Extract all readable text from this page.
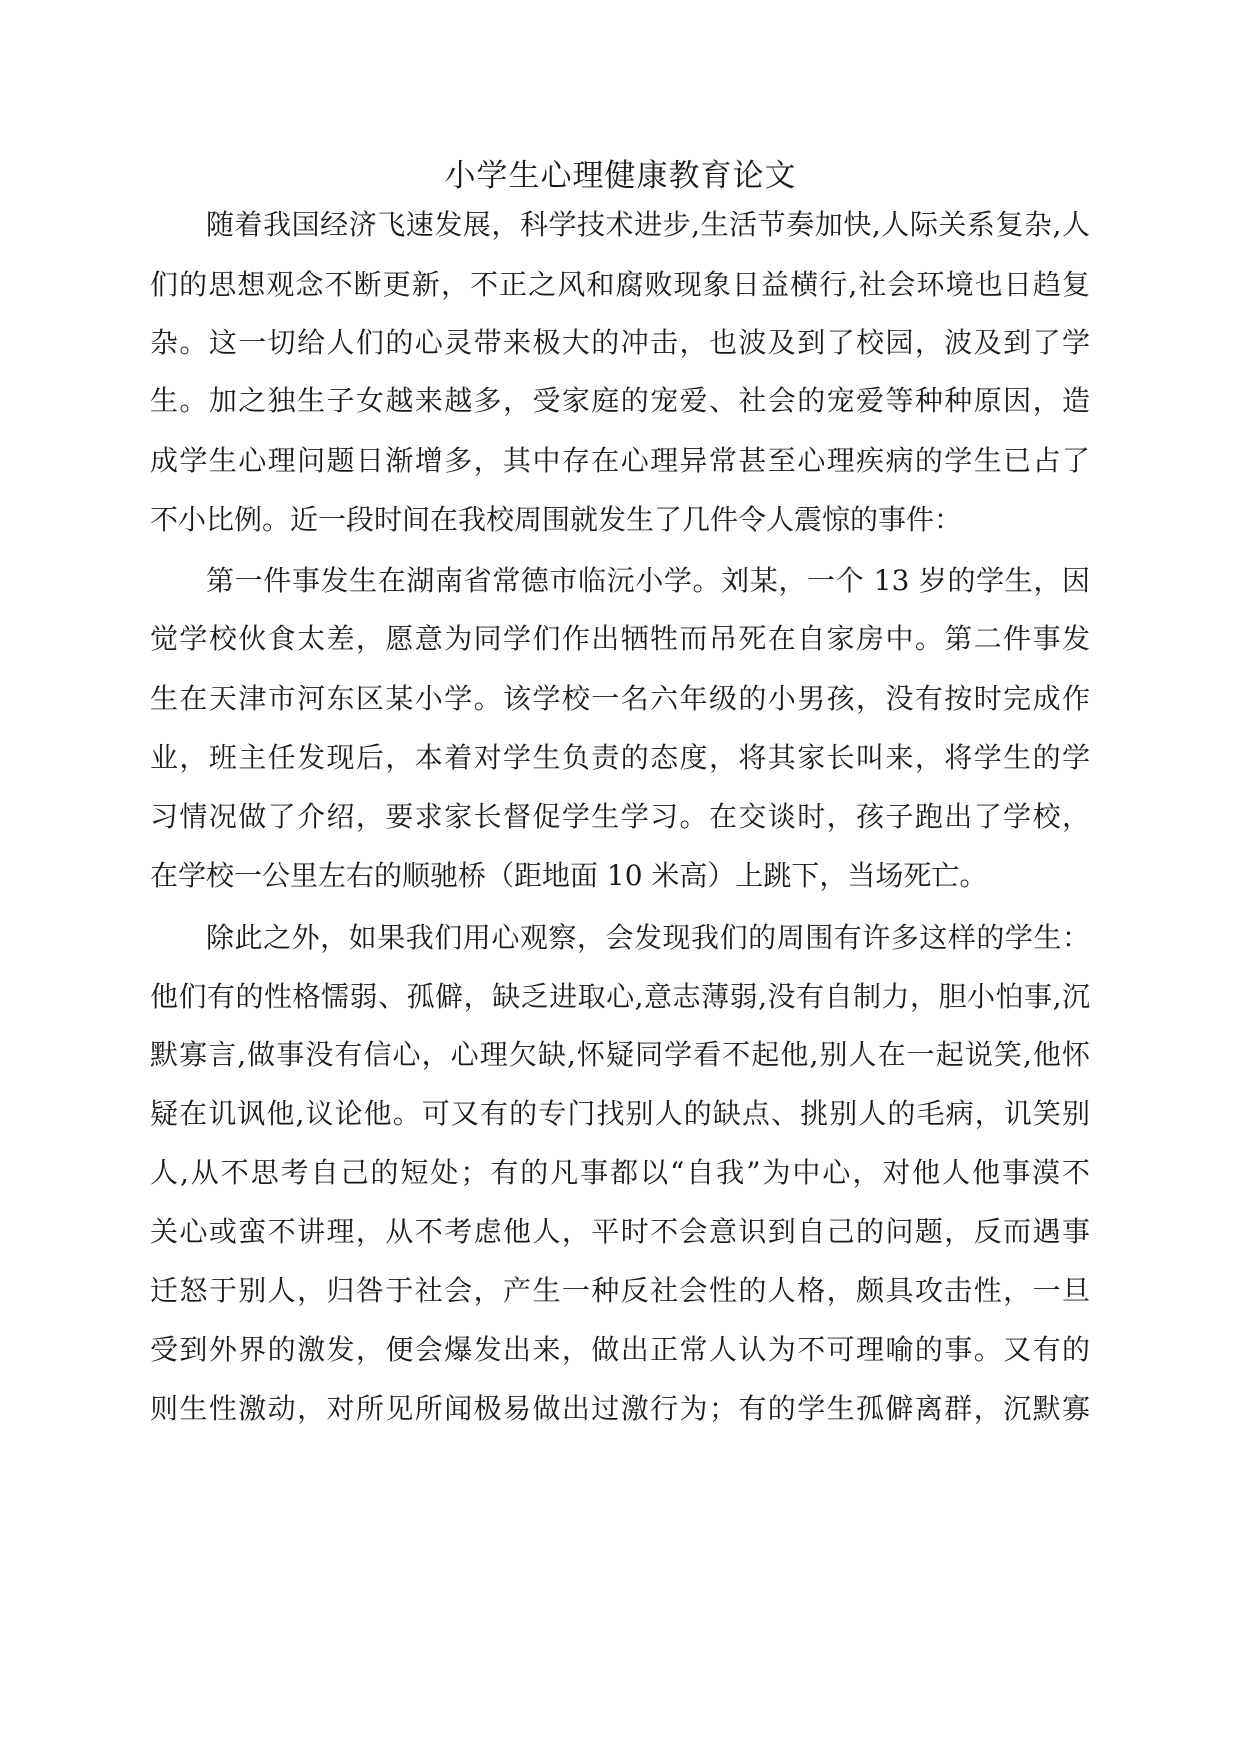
小学生心理健康教育论文

随着我国经济飞速发展，科学技术进步,生活节奏加快,人际关系复杂,人

们的思想观念不断更新，不正之风和腐败现象日益横行,社会环境也日趋复

杂。这一切给人们的心灵带来极大的冲击，也波及到了校园，波及到了学

生。加之独生子女越来越多，受家庭的宠爱、社会的宠爱等种种原因，造

成学生心理问题日渐增多，其中存在心理异常甚至心理疾病的学生已占了

不小比例。近一段时间在我校周围就发生了几件令人震惊的事件：

第一件事发生在湖南省常德市临沅小学。刘某，一个 13 岁的学生，因

觉学校伙食太差，愿意为同学们作出牺牲而吊死在自家房中。第二件事发

生在天津市河东区某小学。该学校一名六年级的小男孩，没有按时完成作

业，班主任发现后，本着对学生负责的态度，将其家长叫来，将学生的学

习情况做了介绍，要求家长督促学生学习。在交谈时，孩子跑出了学校，

在学校一公里左右的顺驰桥（距地面 10 米高）上跳下，当场死亡。

除此之外，如果我们用心观察，会发现我们的周围有许多这样的学生：

他们有的性格懦弱、孤僻，缺乏进取心,意志薄弱,没有自制力，胆小怕事,沉

默寡言,做事没有信心，心理欠缺,怀疑同学看不起他,别人在一起说笑,他怀

疑在讥讽他,议论他。可又有的专门找别人的缺点、挑别人的毛病，讥笑别

人,从不思考自己的短处；有的凡事都以“自我”为中心，对他人他事漠不

关心或蛮不讲理，从不考虑他人，平时不会意识到自己的问题，反而遇事

迁怒于别人，归咎于社会，产生一种反社会性的人格，颇具攻击性，一旦

受到外界的激发，便会爆发出来，做出正常人认为不可理喻的事。又有的

则生性激动，对所见所闻极易做出过激行为；有的学生孤僻离群，沉默寡
